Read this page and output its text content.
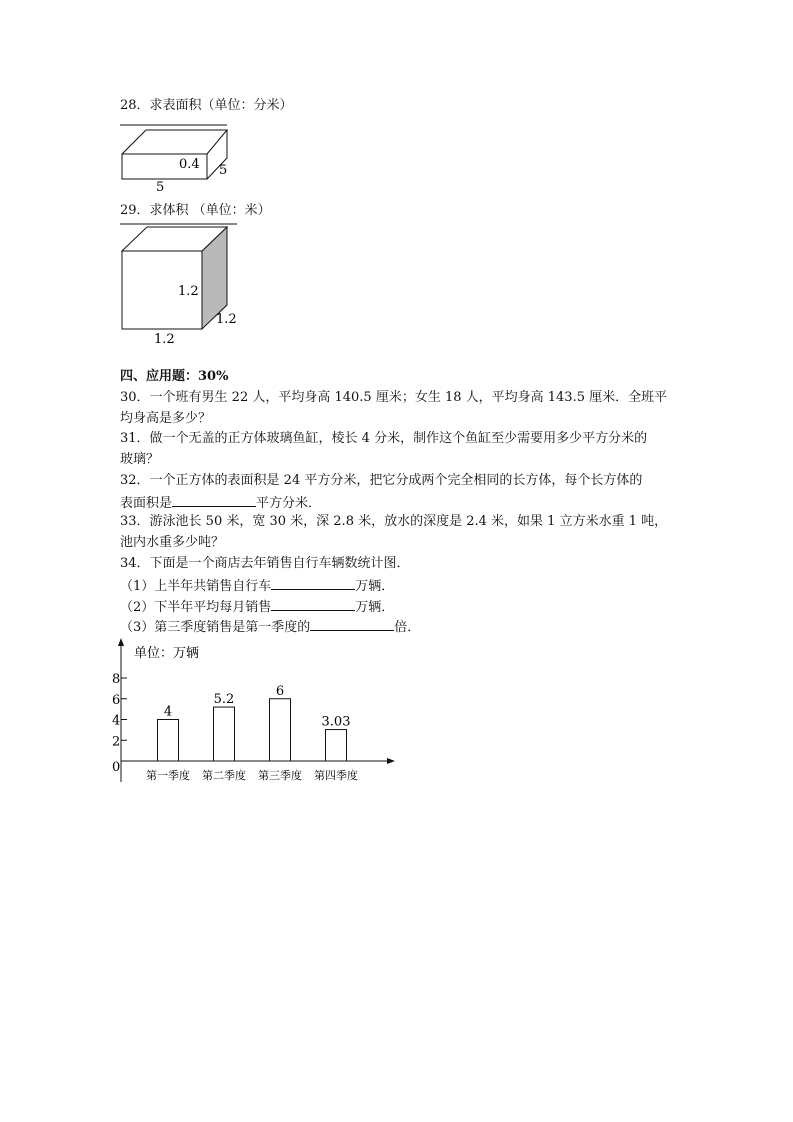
28．求表面积（单位：分米）
0.4 5
5
29．求体积 （单位：米）
1.2
1.2
1.2
四、应用题：30%
30．一个班有男生 22 人，平均身高 140.5 厘米；女生 18 人，平均身高 143.5 厘米．全班平
均身高是多少？
31．做一个无盖的正方体玻璃鱼缸，棱长 4 分米，制作这个鱼缸至少需要用多少平方分米的
玻璃？
32．一个正方体的表面积是 24 平方分米，把它分成两个完全相同的长方体，每个长方体的
表面积是	平方分米．
33．游泳池长 50 米，宽 30 米，深 2.8 米，放水的深度是 2.4 米，如果 1 立方米水重 1 吨，
池内水重多少吨？
34．下面是一个商店去年销售自行车辆数统计图．
（1）上半年共销售自行车	万辆．
（2）下半年平均每月销售	万辆．
（3）第三季度销售是第一季度的	倍．
单位：万辆
0
2
4
6
8
4
第一季度
5.2
第二季度
6
第三季度
3.03
第四季度
